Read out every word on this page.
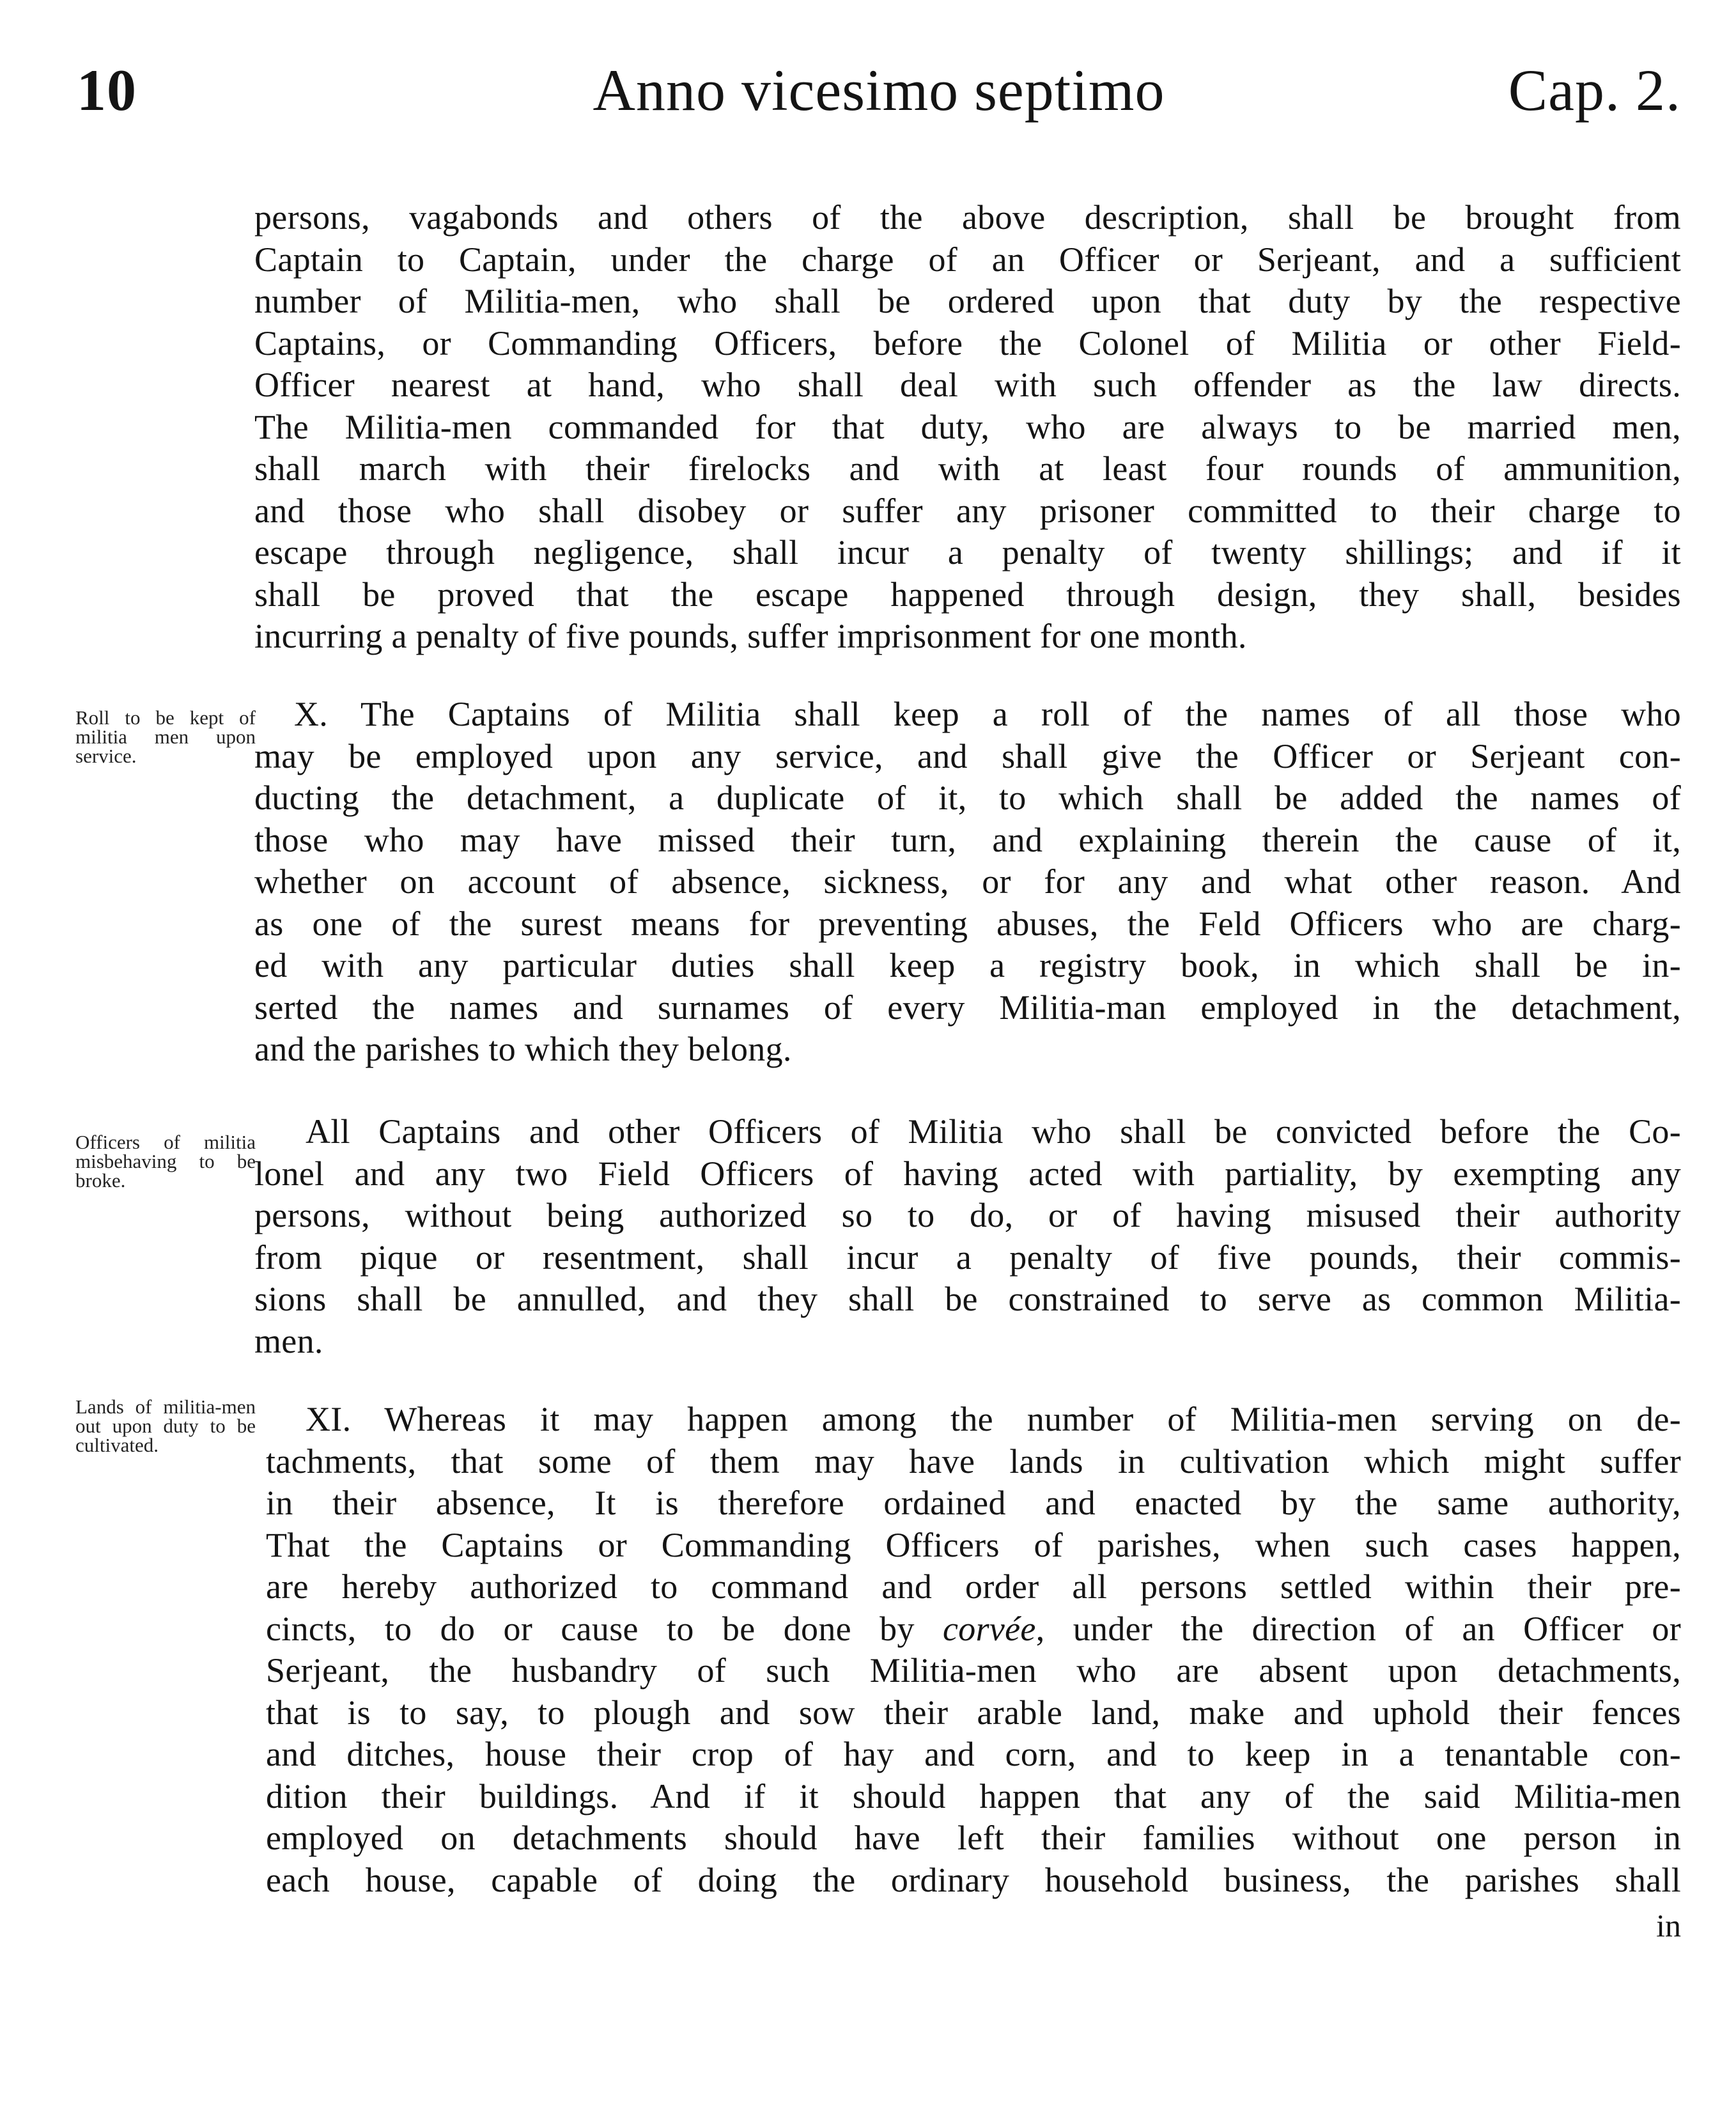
10	Anno vicesimo septimo	Cap. 2.
persons, vagabonds and others of the above description, shall be brought from
Captain to Captain, under the charge of an Officer or Serjeant, and a sufficient
number of Militia-men, who shall be ordered upon that duty by the respective
Captains, or Commanding Officers, before the Colonel of Militia or other Field-
Officer nearest at hand, who shall deal with such offender as the law directs.
The Militia-men commanded for that duty, who are always to be married men,
shall march with their firelocks and with at least four rounds of ammunition,
and those who shall disobey or suffer any prisoner committed to their charge to
escape through negligence, shall incur a penalty of twenty shillings; and if it
shall be proved that the escape happened through design, they shall, besides
incurring a penalty of five pounds, suffer imprisonment for one month.
Roll to be kept of militia men upon service.
X. The Captains of Militia shall keep a roll of the names of all those who
may be employed upon any service, and shall give the Officer or Serjeant con-
ducting the detachment, a duplicate of it, to which shall be added the names of
those who may have missed their turn, and explaining therein the cause of it,
whether on account of absence, sickness, or for any and what other reason. And
as one of the surest means for preventing abuses, the Feld Officers who are charg-
ed with any particular duties shall keep a registry book, in which shall be in-
serted the names and surnames of every Militia-man employed in the detachment,
and the parishes to which they belong.
Officers of militia misbehaving to be broke.
All Captains and other Officers of Militia who shall be convicted before the Co-
lonel and any two Field Officers of having acted with partiality, by exempting any
persons, without being authorized so to do, or of having misused their authority
from pique or resentment, shall incur a penalty of five pounds, their commis-
sions shall be annulled, and they shall be constrained to serve as common Militia-
men.
Lands of militia-men out upon duty to be cultivated.
XI. Whereas it may happen among the number of Militia-men serving on de-
tachments, that some of them may have lands in cultivation which might suffer
in their absence, It is therefore ordained and enacted by the same authority,
That the Captains or Commanding Officers of parishes, when such cases happen,
are hereby authorized to command and order all persons settled within their pre-
cincts, to do or cause to be done by corvée, under the direction of an Officer or
Serjeant, the husbandry of such Militia-men who are absent upon detachments,
that is to say, to plough and sow their arable land, make and uphold their fences
and ditches, house their crop of hay and corn, and to keep in a tenantable con-
dition their buildings. And if it should happen that any of the said Militia-men
employed on detachments should have left their families without one person in
each house, capable of doing the ordinary household business, the parishes shall
in
